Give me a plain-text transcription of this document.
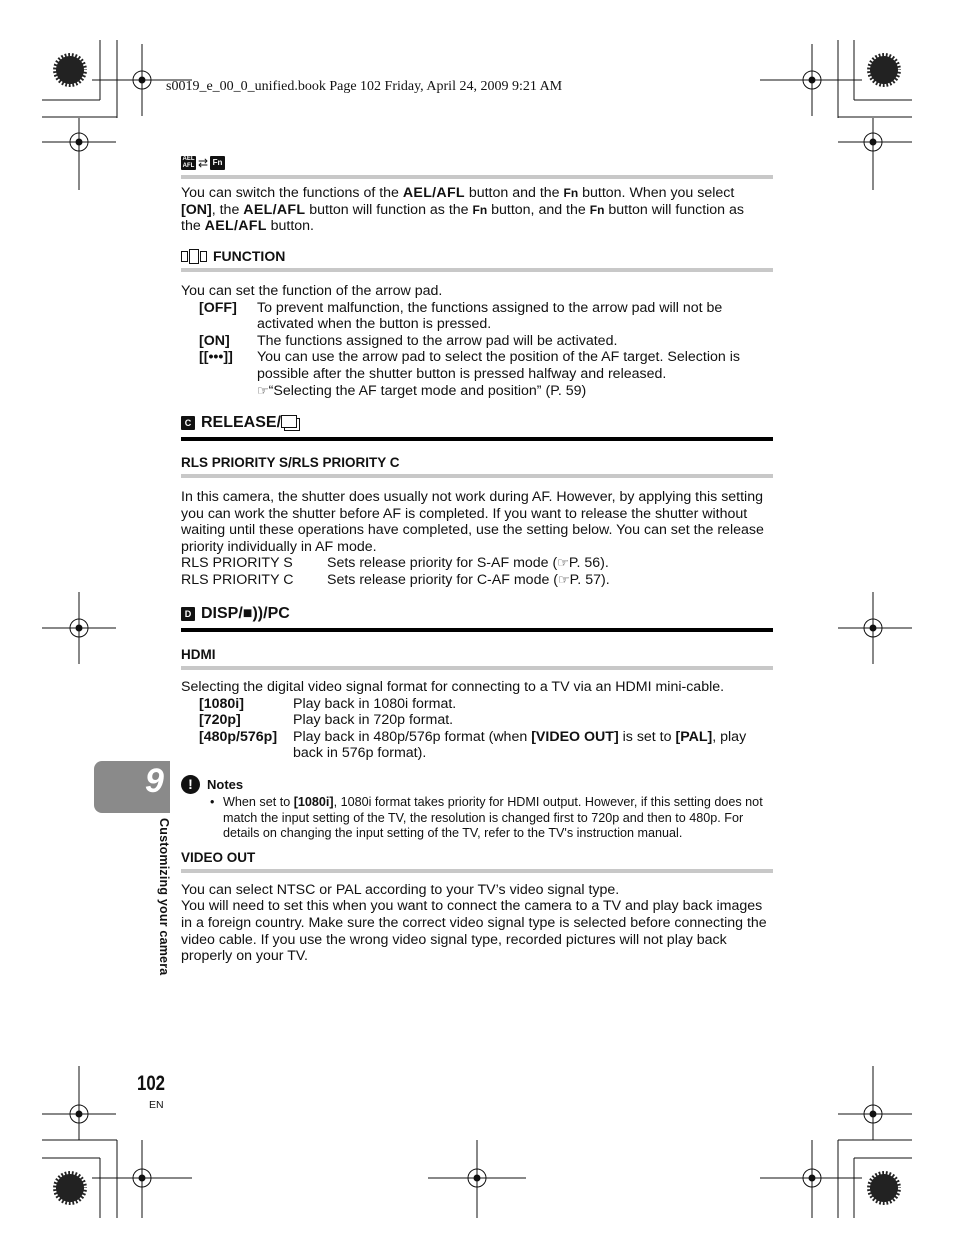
s0019_e_00_0_unified.book Page 102 Friday, April 24, 2009 9:21 AM
AEL
AFL ⇄ Fn

You can switch the functions of the AEL/AFL button and the Fn button. When you select
[ON], the AEL/AFL button will function as the Fn button, and the Fn button will function as
the AEL/AFL button.

FUNCTION

You can set the function of the arrow pad.

[OFF]	To prevent malfunction, the functions assigned to the arrow pad will not be activated when the button is pressed.
[ON]	The functions assigned to the arrow pad will be activated.
[[•••]]	You can use the arrow pad to select the position of the AF target. Selection is possible after the shutter button is pressed halfway and released.
☞“Selecting the AF target mode and position” (P. 59)
C RELEASE/
RLS PRIORITY S/RLS PRIORITY C

In this camera, the shutter does usually not work during AF. However, by applying this setting you can work the shutter before AF is completed. If you want to release the shutter without waiting until these operations have completed, use the setting below. You can set the release priority individually in AF mode.

RLS PRIORITY S	Sets release priority for S-AF mode (☞P. 56).
RLS PRIORITY C	Sets release priority for C-AF mode (☞P. 57).
D DISP/■))/PC
HDMI

Selecting the digital video signal format for connecting to a TV via an HDMI mini-cable.

[1080i]	Play back in 1080i format.
[720p]	Play back in 720p format.
[480p/576p]	Play back in 480p/576p format (when [VIDEO OUT] is set to [PAL], play back in 576p format).
!	Notes
• When set to [1080i], 1080i format takes priority for HDMI output. However, if this setting does not match the input setting of the TV, the resolution is changed first to 720p and then to 480p. For details on changing the input setting of the TV, refer to the TV's instruction manual.
VIDEO OUT

You can select NTSC or PAL according to your TV’s video signal type.
You will need to set this when you want to connect the camera to a TV and play back images in a foreign country. Make sure the correct video signal type is selected before connecting the video cable. If you use the wrong video signal type, recorded pictures will not play back properly on your TV.

9
Customizing your camera
102
EN
